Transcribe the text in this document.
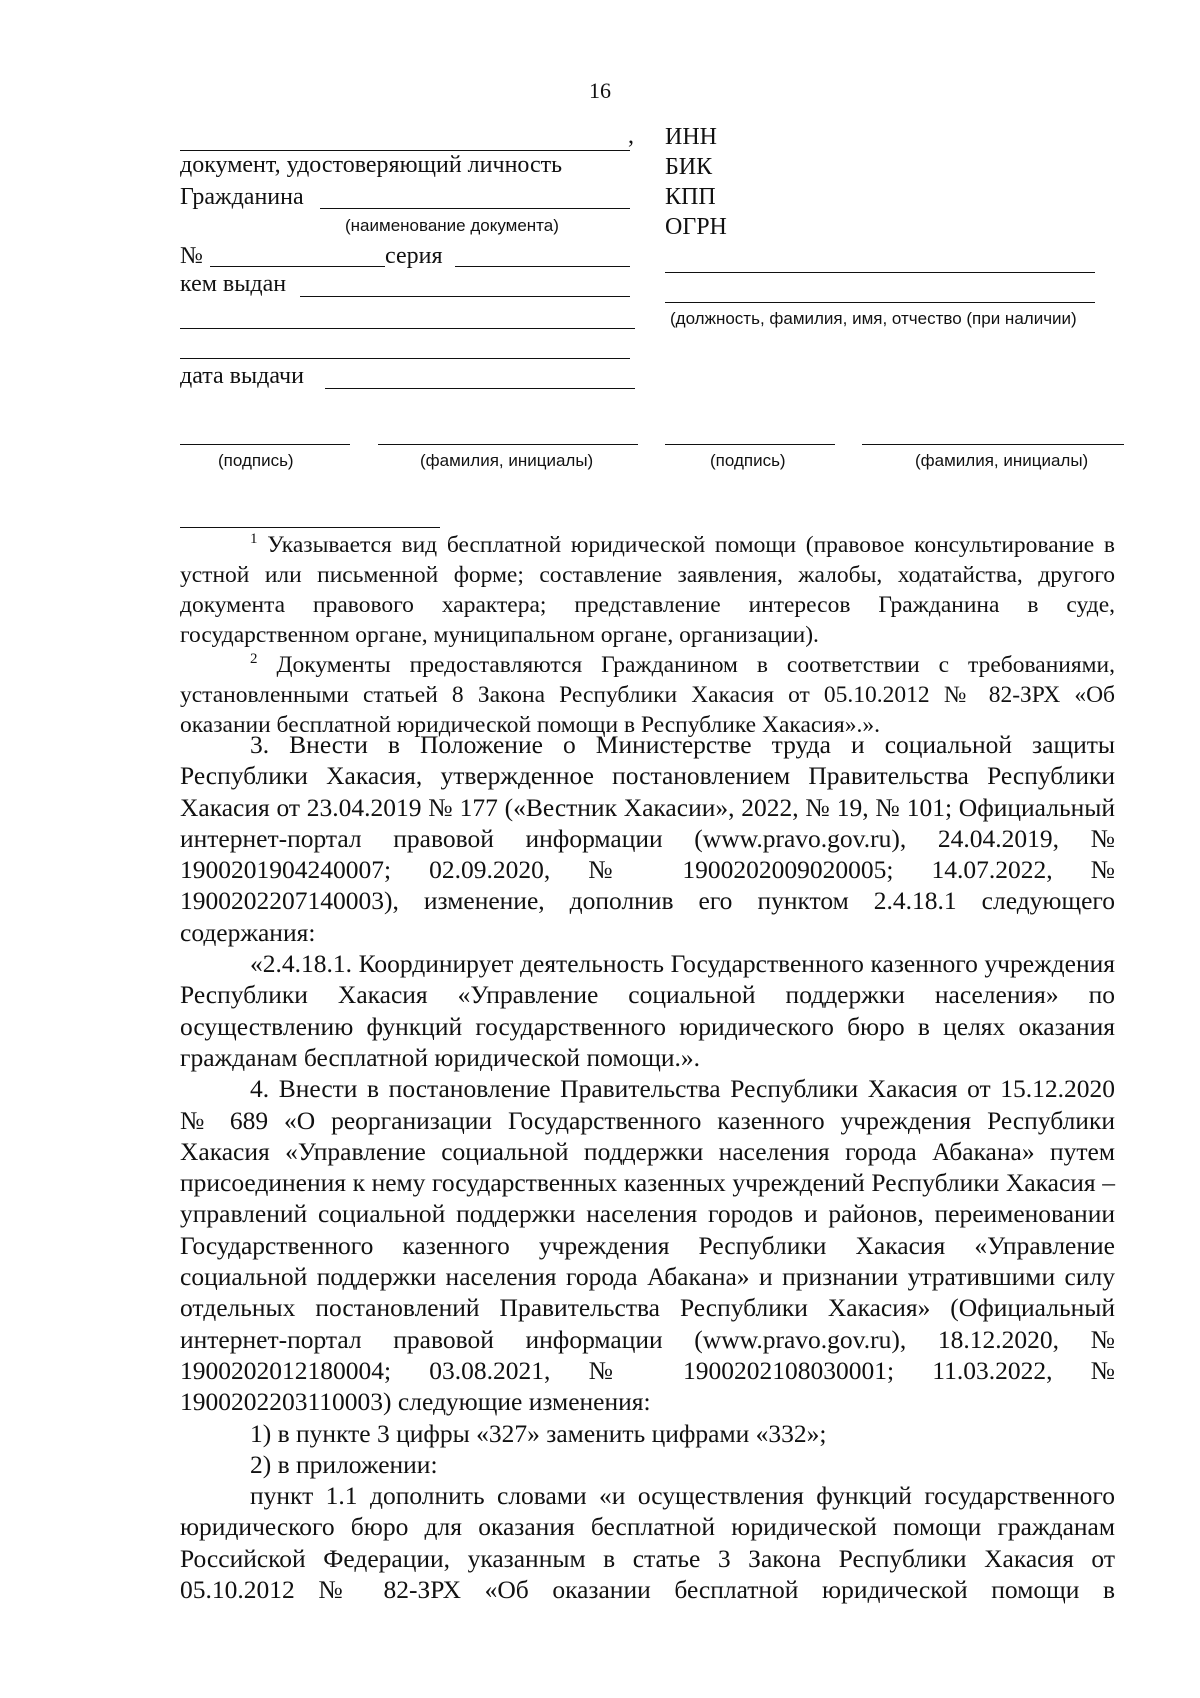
16
,
документ, удостоверяющий личность
Гражданина
(наименование документа)
№	серия
кем выдан
дата выдачи
ИНН
БИК
КПП
ОГРН
(должность, фамилия, имя, отчество (при наличии)
(подпись)	(фамилия, инициалы)	(подпись)	(фамилия, инициалы)

$^1$ Указывается вид бесплатной юридической помощи (правовое консультирование в устной или письменной форме; составление заявления, жалобы, ходатайства, другого документа правового характера; представление интересов Гражданина в суде, государственном органе, муниципальном органе, организации).

$^2$ Документы предоставляются Гражданином в соответствии с требованиями, установленными статьей 8 Закона Республики Хакасия от 05.10.2012 № 82-ЗРХ «Об оказании бесплатной юридической помощи в Республике Хакасия».».

3. Внести в Положение о Министерстве труда и социальной защиты Республики Хакасия, утвержденное постановлением Правительства Республики Хакасия от 23.04.2019 № 177 («Вестник Хакасии», 2022, № 19, № 101; Официальный интернет-портал правовой информации (www.pravo.gov.ru), 24.04.2019, № 1900201904240007; 02.09.2020, № 1900202009020005; 14.07.2022, № 1900202207140003), изменение, дополнив его пунктом 2.4.18.1 следующего содержания:

«2.4.18.1. Координирует деятельность Государственного казенного учреждения Республики Хакасия «Управление социальной поддержки населения» по осуществлению функций государственного юридического бюро в целях оказания гражданам бесплатной юридической помощи.».

4. Внести в постановление Правительства Республики Хакасия от 15.12.2020 № 689 «О реорганизации Государственного казенного учреждения Республики Хакасия «Управление социальной поддержки населения города Абакана» путем присоединения к нему государственных казенных учреждений Республики Хакасия – управлений социальной поддержки населения городов и районов, переименовании Государственного казенного учреждения Республики Хакасия «Управление социальной поддержки населения города Абакана» и признании утратившими силу отдельных постановлений Правительства Республики Хакасия» (Официальный интернет-портал правовой информации (www.pravo.gov.ru), 18.12.2020, № 1900202012180004; 03.08.2021, № 1900202108030001; 11.03.2022, № 1900202203110003) следующие изменения:

1) в пункте 3 цифры «327» заменить цифрами «332»;

2) в приложении:

пункт 1.1 дополнить словами «и осуществления функций государственного юридического бюро для оказания бесплатной юридической помощи гражданам Российской Федерации, указанным в статье 3 Закона Республики Хакасия от 05.10.2012 № 82-ЗРХ «Об оказании бесплатной юридической помощи в
